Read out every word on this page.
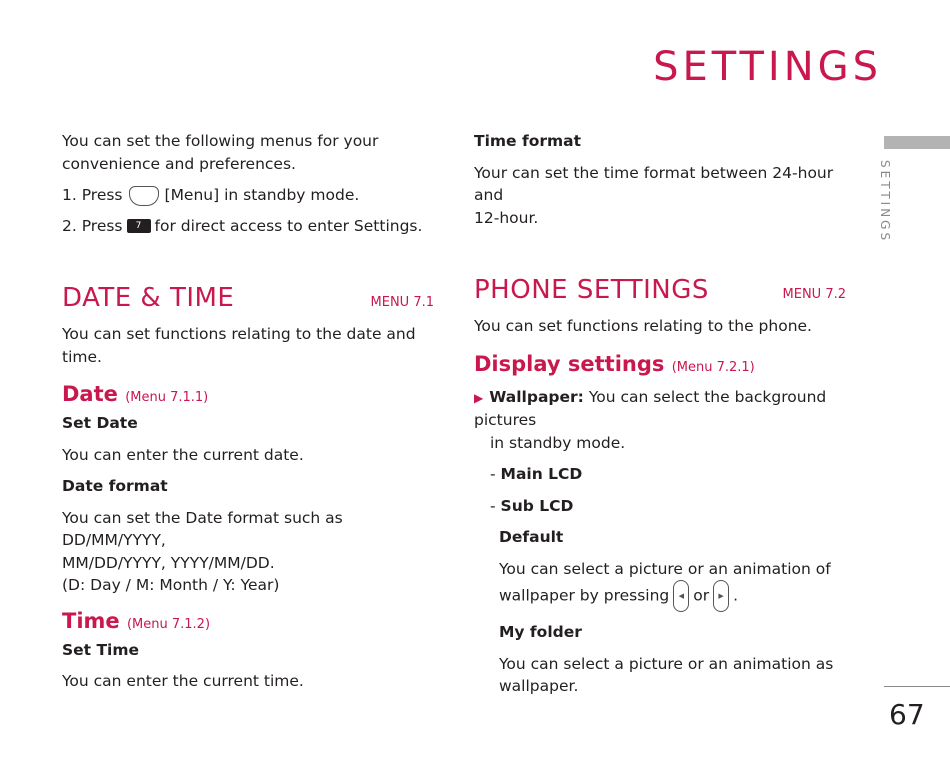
SETTINGS
SETTINGS
67

You can set the following menus for your convenience and preferences.

1. Press	[Menu] in standby mode.

2. Press 7 for direct access to enter Settings.

DATE & TIME	MENU 7.1

You can set functions relating to the date and time.

Date (Menu 7.1.1)

Set Date

You can enter the current date.

Date format

You can set the Date format such as DD/MM/YYYY,

MM/DD/YYYY, YYYY/MM/DD.

(D: Day / M: Month / Y: Year)

Time (Menu 7.1.2)

Set Time

You can enter the current time.

Time format

Your can set the time format between 24-hour and

12-hour.

PHONE SETTINGS	MENU 7.2

You can set functions relating to the phone.

Display settings (Menu 7.2.1)

▶ Wallpaper: You can select the background pictures

in standby mode.

- Main LCD

- Sub LCD

Default

You can select a picture or an animation of

wallpaper by pressing ◀ or ▶ .

My folder

You can select a picture or an animation as

wallpaper.
